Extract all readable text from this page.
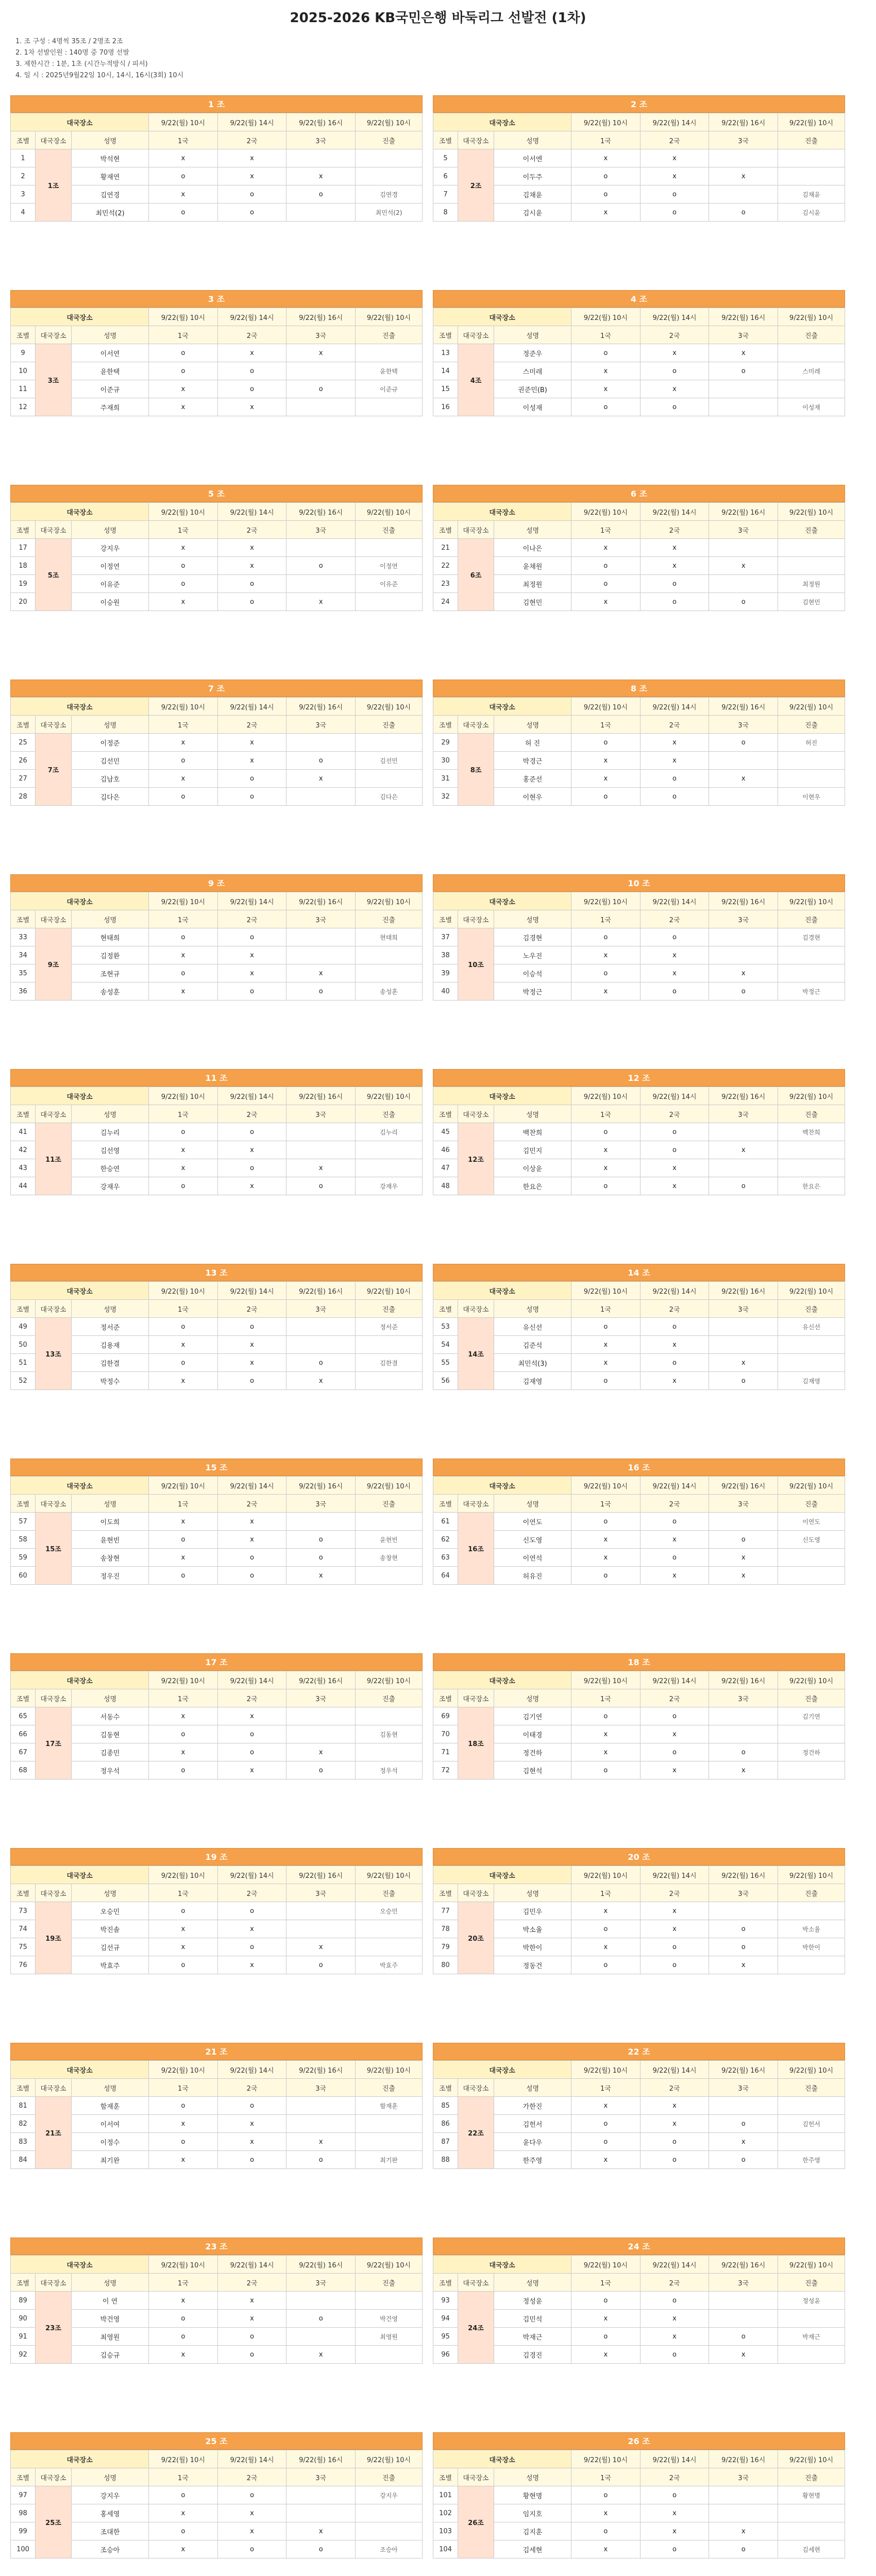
2025-2026 KB국민은행 바둑리그 선발전 (1차)
1. 조 구성 : 4명씩 35조 / 2명조 2조
2. 1차 선발인원 : 140명 중 70명 선발
3. 제한시간 : 1분, 1초 (시간누적방식 / 피셔)
4. 일 시 : 2025년9월22일 10시, 14시, 16시(3회) 10시
1 조
대국장소			9/22(월) 10시	9/22(월) 14시	9/22(월) 16시	9/22(월) 10시
조별	대국장소	성명	1국	2국	3국	진출
1	1조	박석현	x	x		
2		황재연	o	x	x	
3		김연경	x	o	o	김연경
4		최민석(2)	o	o		최민석(2)
2 조
대국장소			9/22(월) 10시	9/22(월) 14시	9/22(월) 16시	9/22(월) 10시
조별	대국장소	성명	1국	2국	3국	진출
5	2조	이서엔	x	x		
6		이두주	o	x	x	
7		김채윤	o	o		김채윤
8		김시윤	x	o	o	김시윤
3 조
대국장소			9/22(월) 10시	9/22(월) 14시	9/22(월) 16시	9/22(월) 10시
조별	대국장소	성명	1국	2국	3국	진출
9	3조	이서연	o	x	x	
10		윤한택	o	o		윤한택
11		이준규	x	o	o	이준규
12		주재희	x	x		
4 조
대국장소			9/22(월) 10시	9/22(월) 14시	9/22(월) 16시	9/22(월) 10시
조별	대국장소	성명	1국	2국	3국	진출
13	4조	정준우	o	x	x	
14		스미레	x	o	o	스미레
15		권준민(B)	x	x		
16		이성재	o	o		이성재
5 조
대국장소			9/22(월) 10시	9/22(월) 14시	9/22(월) 16시	9/22(월) 10시
조별	대국장소	성명	1국	2국	3국	진출
17	5조	강지우	x	x		
18		이정연	o	x	o	이정연
19		이유준	o	o		이유준
20		이승원	x	o	x	
6 조
대국장소			9/22(월) 10시	9/22(월) 14시	9/22(월) 16시	9/22(월) 10시
조별	대국장소	성명	1국	2국	3국	진출
21	6조	이나은	x	x		
22		윤채원	o	x	x	
23		최정원	o	o		최정원
24		김현민	x	o	o	김현민
7 조
대국장소			9/22(월) 10시	9/22(월) 14시	9/22(월) 16시	9/22(월) 10시
조별	대국장소	성명	1국	2국	3국	진출
25	7조	이정준	x	x		
26		김선민	o	x	o	김선민
27		김남호	x	o	x	
28		김다은	o	o		김다은
8 조
대국장소			9/22(월) 10시	9/22(월) 14시	9/22(월) 16시	9/22(월) 10시
조별	대국장소	성명	1국	2국	3국	진출
29	8조	허 진	o	x	o	허진
30		박경근	x	x		
31		홍준선	x	o	x	
32		이현우	o	o		이현우
9 조
대국장소			9/22(월) 10시	9/22(월) 14시	9/22(월) 16시	9/22(월) 10시
조별	대국장소	성명	1국	2국	3국	진출
33	9조	현태희	o	o		현태희
34		김정환	x	x		
35		조현규	o	x	x	
36		송성훈	x	o	o	송성훈
10 조
대국장소			9/22(월) 10시	9/22(월) 14시	9/22(월) 16시	9/22(월) 10시
조별	대국장소	성명	1국	2국	3국	진출
37	10조	김경현	o	o		김경현
38		노우진	x	x		
39		이승석	o	x	x	
40		박정근	x	o	o	박정근
11 조
대국장소			9/22(월) 10시	9/22(월) 14시	9/22(월) 16시	9/22(월) 10시
조별	대국장소	성명	1국	2국	3국	진출
41	11조	김누리	o	o		김누리
42		김선영	x	x		
43		한승연	x	o	x	
44		강재우	o	x	o	강재우
12 조
대국장소			9/22(월) 10시	9/22(월) 14시	9/22(월) 16시	9/22(월) 10시
조별	대국장소	성명	1국	2국	3국	진출
45	12조	백찬희	o	o		백찬희
46		김민지	x	o	x	
47		이상윤	x	x		
48		한요은	o	x	o	한요은
13 조
대국장소			9/22(월) 10시	9/22(월) 14시	9/22(월) 16시	9/22(월) 10시
조별	대국장소	성명	1국	2국	3국	진출
49	13조	정서준	o	o		정서준
50		김용재	x	x		
51		김한결	o	x	o	김한결
52		박정수	x	o	x	
14 조
대국장소			9/22(월) 10시	9/22(월) 14시	9/22(월) 16시	9/22(월) 10시
조별	대국장소	성명	1국	2국	3국	진출
53	14조	유신선	o	o		유신선
54		김준석	x	x		
55		최민석(3)	x	o	x	
56		김재영	o	x	o	김재영
15 조
대국장소			9/22(월) 10시	9/22(월) 14시	9/22(월) 16시	9/22(월) 10시
조별	대국장소	성명	1국	2국	3국	진출
57	15조	이도희	x	x		
58		윤현빈	o	x	o	윤현빈
59		송창현	x	o	o	송창현
60		정우진	o	o	x	
16 조
대국장소			9/22(월) 10시	9/22(월) 14시	9/22(월) 16시	9/22(월) 10시
조별	대국장소	성명	1국	2국	3국	진출
61	16조	이연도	o	o		이연도
62		신도영	x	x	o	신도영
63		이연석	x	o	x	
64		허유진	o	x	x	
17 조
대국장소			9/22(월) 10시	9/22(월) 14시	9/22(월) 16시	9/22(월) 10시
조별	대국장소	성명	1국	2국	3국	진출
65	17조	서동수	x	x		
66		김동현	o	o		김동현
67		김종민	x	o	x	
68		정우석	o	x	o	정우석
18 조
대국장소			9/22(월) 10시	9/22(월) 14시	9/22(월) 16시	9/22(월) 10시
조별	대국장소	성명	1국	2국	3국	진출
69	18조	김기연	o	o		김기연
70		이태경	x	x		
71		정건하	x	o	o	정건하
72		김현석	o	x	x	
19 조
대국장소			9/22(월) 10시	9/22(월) 14시	9/22(월) 16시	9/22(월) 10시
조별	대국장소	성명	1국	2국	3국	진출
73	19조	오승민	o	o		오승민
74		박진솔	x	x		
75		김선규	x	o	x	
76		박효주	o	x	o	박효주
20 조
대국장소			9/22(월) 10시	9/22(월) 14시	9/22(월) 16시	9/22(월) 10시
조별	대국장소	성명	1국	2국	3국	진출
77	20조	김민우	x	x		
78		박소율	o	x	o	박소율
79		박한이	x	o	o	박한이
80		정동건	o	o	x	
21 조
대국장소			9/22(월) 10시	9/22(월) 14시	9/22(월) 16시	9/22(월) 10시
조별	대국장소	성명	1국	2국	3국	진출
81	21조	함재훈	o	o		함재훈
82		이서여	x	x		
83		이정수	o	x	x	
84		최기완	x	o	o	최기완
22 조
대국장소			9/22(월) 10시	9/22(월) 14시	9/22(월) 16시	9/22(월) 10시
조별	대국장소	성명	1국	2국	3국	진출
85	22조	가한진	x	x		
86		김헌서	o	x	o	김헌서
87		윤다우	o	o	x	
88		한주영	x	o	o	한주영
23 조
대국장소			9/22(월) 10시	9/22(월) 14시	9/22(월) 16시	9/22(월) 10시
조별	대국장소	성명	1국	2국	3국	진출
89	23조	이 연	x	x		
90		박건영	o	x	o	박건영
91		최영원	o	o		최영원
92		김승규	x	o	x	
24 조
대국장소			9/22(월) 10시	9/22(월) 14시	9/22(월) 16시	9/22(월) 10시
조별	대국장소	성명	1국	2국	3국	진출
93	24조	정성윤	o	o		정성윤
94		김민석	x	x		
95		박재근	o	x	o	박재근
96		김경진	x	o	x	
25 조
대국장소			9/22(월) 10시	9/22(월) 14시	9/22(월) 16시	9/22(월) 10시
조별	대국장소	성명	1국	2국	3국	진출
97	25조	강지우	o	o		강지우
98		홍세영	x	x		
99		조대한	o	x	x	
100		조승아	x	o	o	조승아
26 조
대국장소			9/22(월) 10시	9/22(월) 14시	9/22(월) 16시	9/22(월) 10시
조별	대국장소	성명	1국	2국	3국	진출
101	26조	황현명	o	o		황현명
102		임지호	x	x		
103		김지훈	o	x	x	
104		김세현	x	o	o	김세현
